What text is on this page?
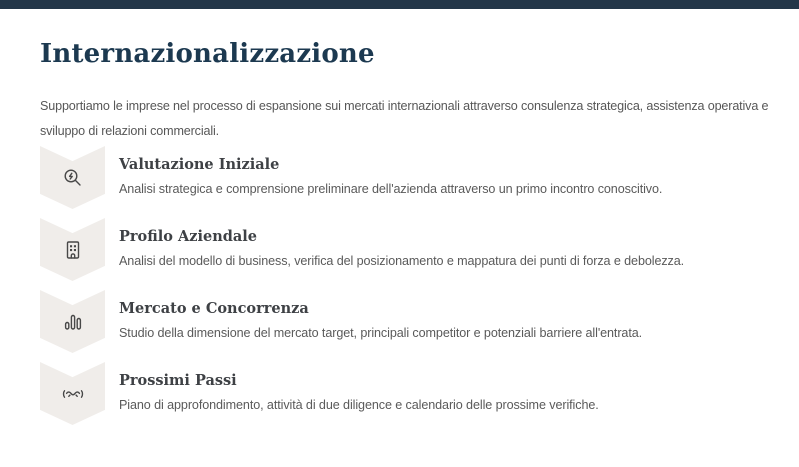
Internazionalizzazione

Supportiamo le imprese nel processo di espansione sui mercati internazionali attraverso consulenza strategica, assistenza operativa e
sviluppo di relazioni commerciali.

Valutazione Iniziale

Analisi strategica e comprensione preliminare dell'azienda attraverso un primo incontro conoscitivo.

Profilo Aziendale

Analisi del modello di business, verifica del posizionamento e mappatura dei punti di forza e debolezza.

Mercato e Concorrenza

Studio della dimensione del mercato target, principali competitor e potenziali barriere all'entrata.

Prossimi Passi

Piano di approfondimento, attività di due diligence e calendario delle prossime verifiche.
